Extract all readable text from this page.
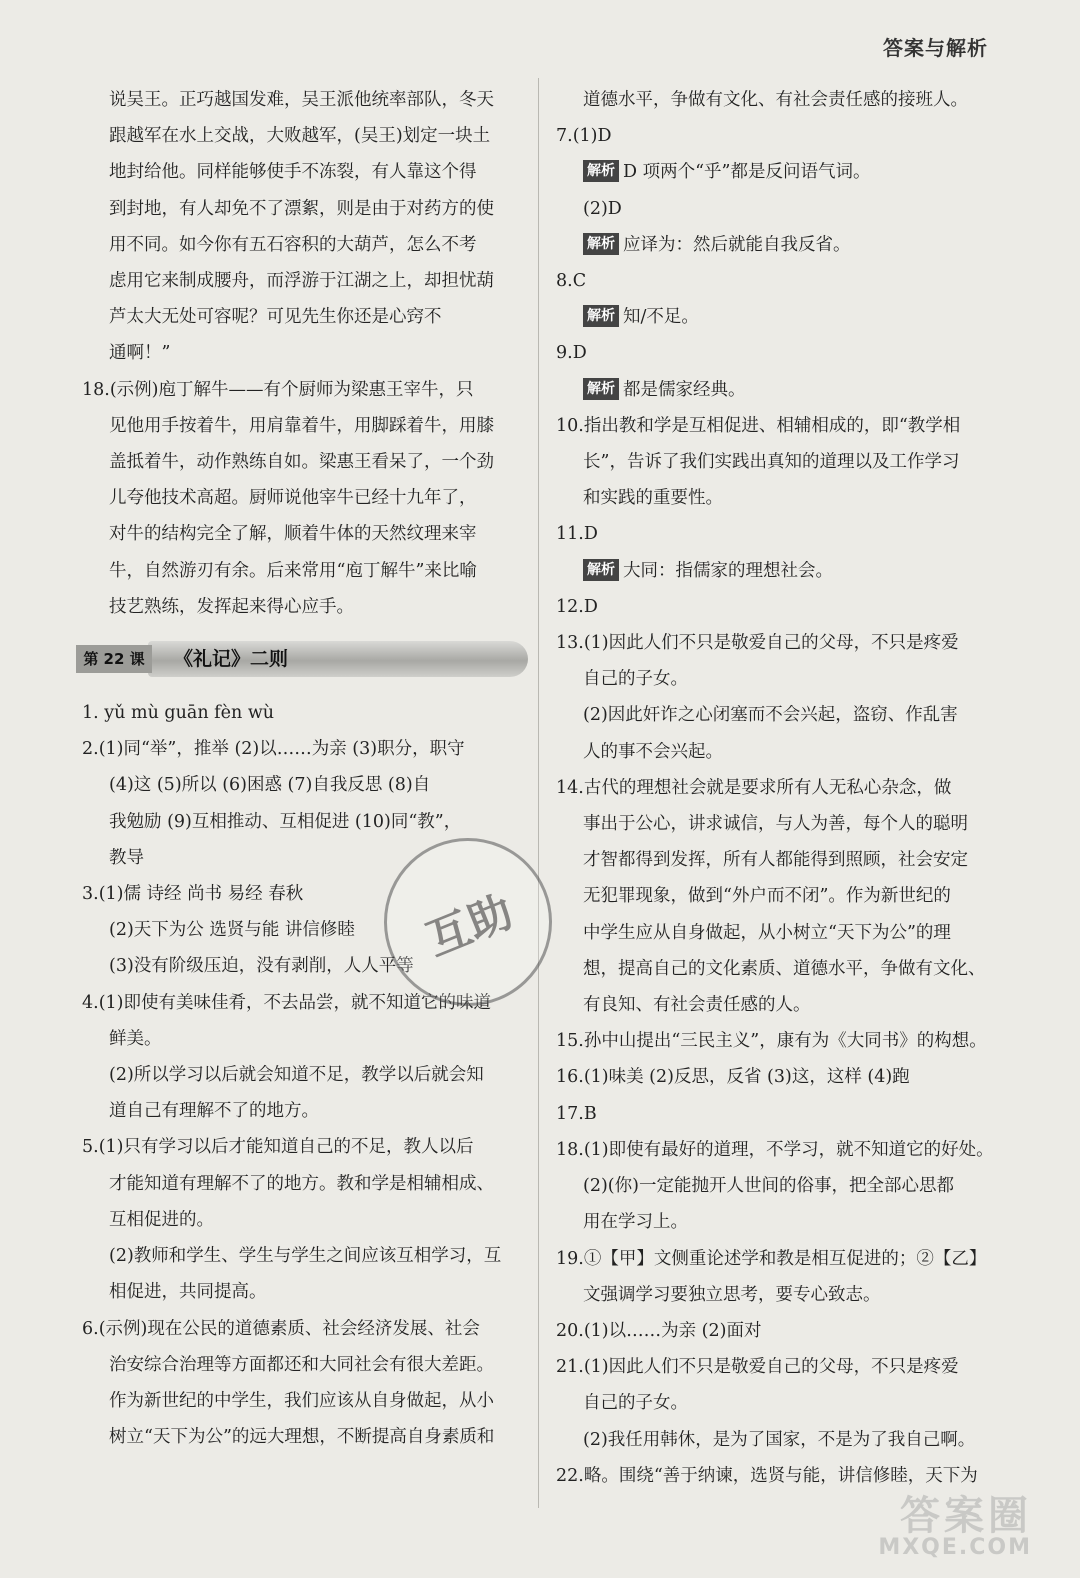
答案与解析
说吴王。正巧越国发难，吴王派他统率部队，冬天
跟越军在水上交战，大败越军，(吴王)划定一块土
地封给他。同样能够使手不冻裂，有人靠这个得
到封地，有人却免不了漂絮，则是由于对药方的使
用不同。如今你有五石容积的大葫芦，怎么不考
虑用它来制成腰舟，而浮游于江湖之上，却担忧葫
芦太大无处可容呢？可见先生你还是心窍不
通啊！”
18.(示例)庖丁解牛——有个厨师为梁惠王宰牛，只
见他用手按着牛，用肩靠着牛，用脚踩着牛，用膝
盖抵着牛，动作熟练自如。梁惠王看呆了，一个劲
儿夸他技术高超。厨师说他宰牛已经十九年了，
对牛的结构完全了解，顺着牛体的天然纹理来宰
牛，自然游刃有余。后来常用“庖丁解牛”来比喻
技艺熟练，发挥起来得心应手。
第 22 课	《礼记》二则
1. yǔ mù guān fèn wù
2.(1)同“举”，推举 (2)以……为亲 (3)职分，职守
(4)这 (5)所以 (6)困惑 (7)自我反思 (8)自
我勉励 (9)互相推动、互相促进 (10)同“教”，
教导
3.(1)儒 诗经 尚书 易经 春秋
(2)天下为公 选贤与能 讲信修睦
(3)没有阶级压迫，没有剥削，人人平等
4.(1)即使有美味佳肴，不去品尝，就不知道它的味道
鲜美。
(2)所以学习以后就会知道不足，教学以后就会知
道自己有理解不了的地方。
5.(1)只有学习以后才能知道自己的不足，教人以后
才能知道有理解不了的地方。教和学是相辅相成、
互相促进的。
(2)教师和学生、学生与学生之间应该互相学习，互
相促进，共同提高。
6.(示例)现在公民的道德素质、社会经济发展、社会
治安综合治理等方面都还和大同社会有很大差距。
作为新世纪的中学生，我们应该从自身做起，从小
树立“天下为公”的远大理想，不断提高自身素质和
道德水平，争做有文化、有社会责任感的接班人。
7.(1)D
解析 D 项两个“乎”都是反问语气词。
(2)D
解析 应译为：然后就能自我反省。
8.C
解析 知/不足。
9.D
解析 都是儒家经典。
10.指出教和学是互相促进、相辅相成的，即“教学相
长”，告诉了我们实践出真知的道理以及工作学习
和实践的重要性。
11.D
解析 大同：指儒家的理想社会。
12.D
13.(1)因此人们不只是敬爱自己的父母，不只是疼爱
自己的子女。
(2)因此奸诈之心闭塞而不会兴起，盗窃、作乱害
人的事不会兴起。
14.古代的理想社会就是要求所有人无私心杂念，做
事出于公心，讲求诚信，与人为善，每个人的聪明
才智都得到发挥，所有人都能得到照顾，社会安定
无犯罪现象，做到“外户而不闭”。作为新世纪的
中学生应从自身做起，从小树立“天下为公”的理
想，提高自己的文化素质、道德水平，争做有文化、
有良知、有社会责任感的人。
15.孙中山提出“三民主义”，康有为《大同书》的构想。
16.(1)味美 (2)反思，反省 (3)这，这样 (4)跑
17.B
18.(1)即使有最好的道理，不学习，就不知道它的好处。
(2)(你)一定能抛开人世间的俗事，把全部心思都
用在学习上。
19.①【甲】文侧重论述学和教是相互促进的；②【乙】
文强调学习要独立思考，要专心致志。
20.(1)以……为亲 (2)面对
21.(1)因此人们不只是敬爱自己的父母，不只是疼爱
自己的子女。
(2)我任用韩休，是为了国家，不是为了我自己啊。
22.略。围绕“善于纳谏，选贤与能，讲信修睦，天下为
互助
答案圈
MXQE.COM
